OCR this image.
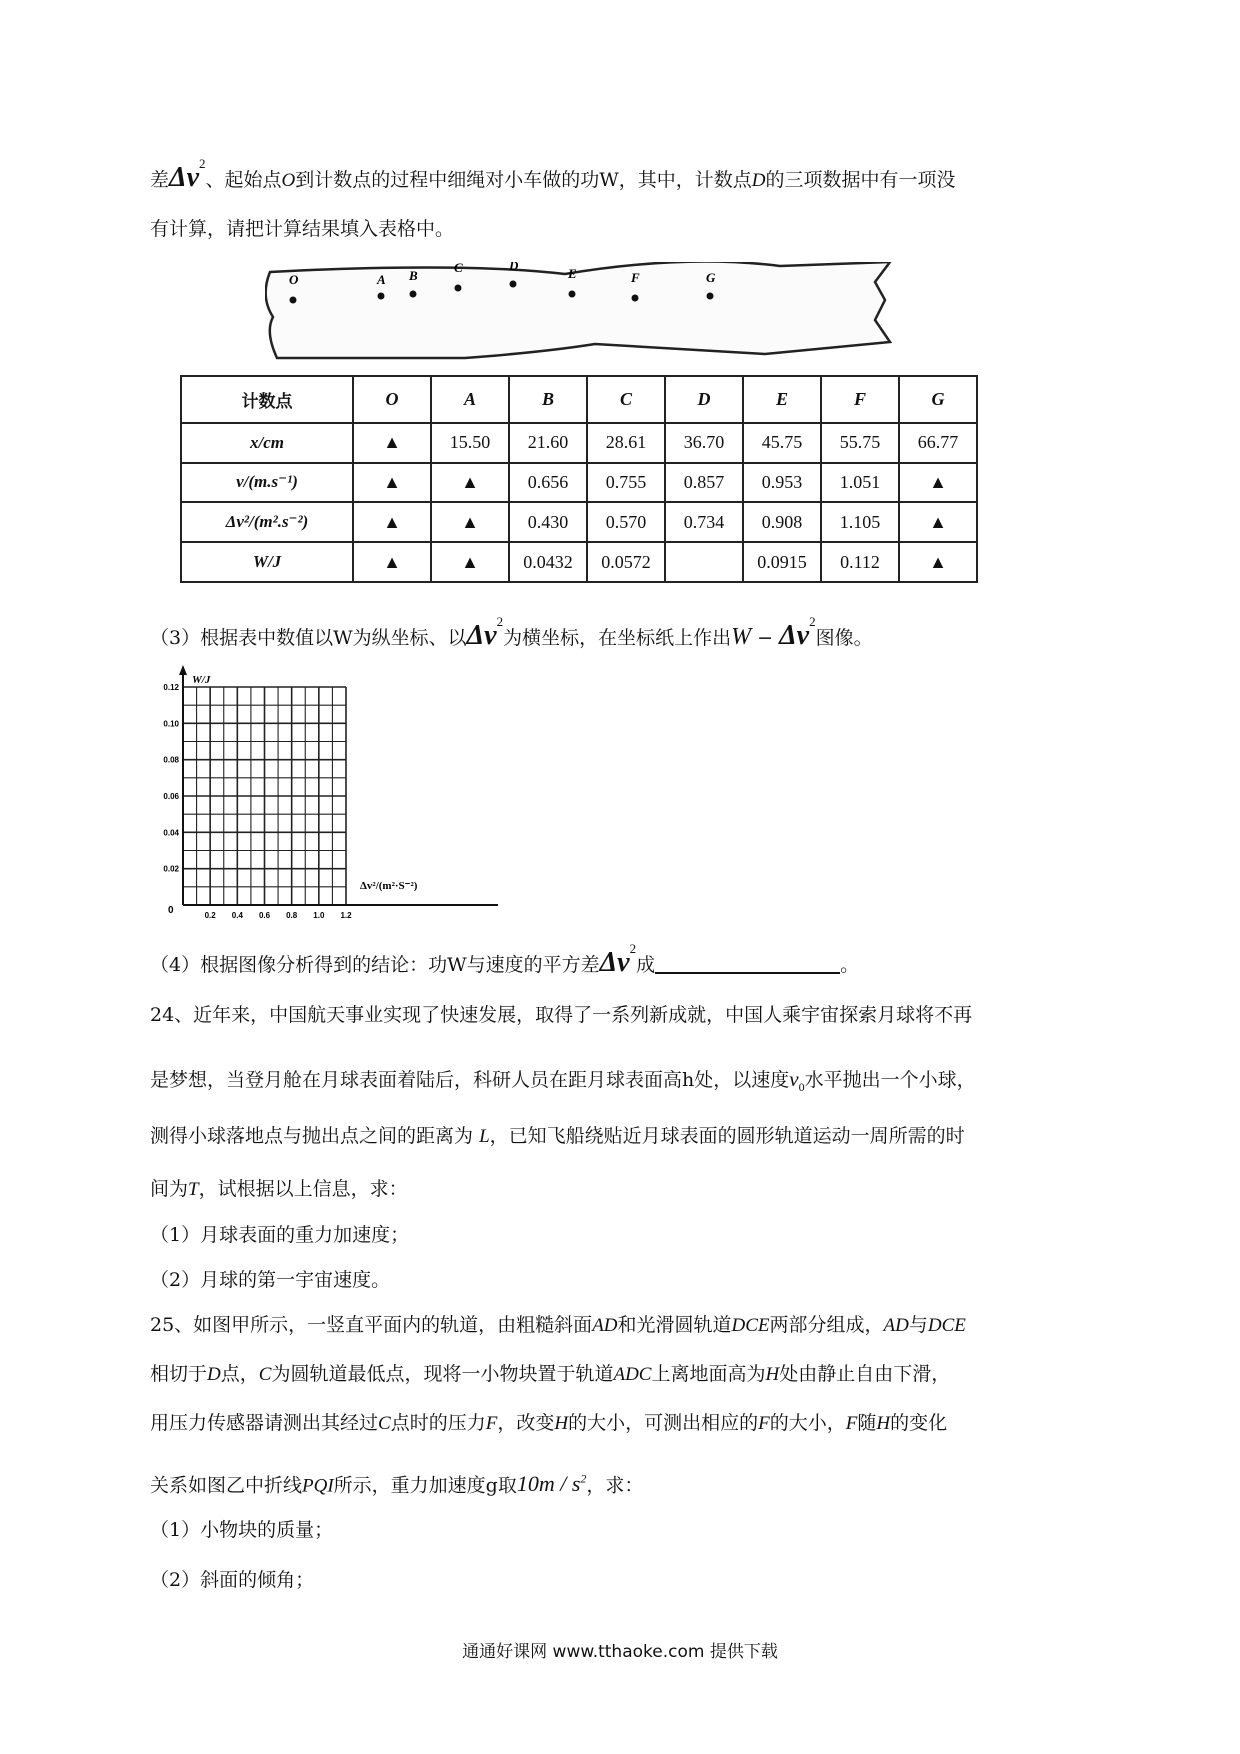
差$\Delta v^2$、起始点O到计数点的过程中细绳对小车做的功W，其中，计数点D的三项数据中有一项没
有计算，请把计算结果填入表格中。
O	A B
C	D
E	F	G
计数点	O	A	B	C	D	E	F	G
x/cm	▲	15.50	21.60	28.61	36.70	45.75	55.75	66.77
v/(m.s⁻¹)	▲	▲	0.656	0.755	0.857	0.953	1.051	▲
Δv²/(m².s⁻²)	▲	▲	0.430	0.570	0.734	0.908	1.105	▲
W/J	▲	▲	0.0432	0.0572		0.0915	0.112	▲
（3）根据表中数值以W为纵坐标、以$\Delta v^2$为横坐标，在坐标纸上作出$W - \Delta v^2$图像。
W/J
Δv²/(m²·S⁻²)
0
0.02
0.04
0.06
0.08
0.10
0.12
0.2 0.4 0.6 0.8 1.0 1.2
（4）根据图像分析得到的结论：功W与速度的平方差$\Delta v^2$成	。
24、近年来，中国航天事业实现了快速发展，取得了一系列新成就，中国人乘宇宙探索月球将不再
是梦想，当登月舱在月球表面着陆后，科研人员在距月球表面高h处，以速度$v_0$水平抛出一个小球，
测得小球落地点与抛出点之间的距离为 L，已知飞船绕贴近月球表面的圆形轨道运动一周所需的时
间为T，试根据以上信息，求：
（1）月球表面的重力加速度；
（2）月球的第一宇宙速度。
25、如图甲所示，一竖直平面内的轨道，由粗糙斜面AD和光滑圆轨道DCE两部分组成，AD与DCE
相切于D点，C为圆轨道最低点，现将一小物块置于轨道ADC上离地面高为H处由静止自由下滑，
用压力传感器请测出其经过C点时的压力F，改变H的大小，可测出相应的F的大小，F随H的变化
关系如图乙中折线PQI所示，重力加速度g取$10m / s^2$，求：
（1）小物块的质量；
（2）斜面的倾角；
通通好课网 www.tthaoke.com 提供下载
